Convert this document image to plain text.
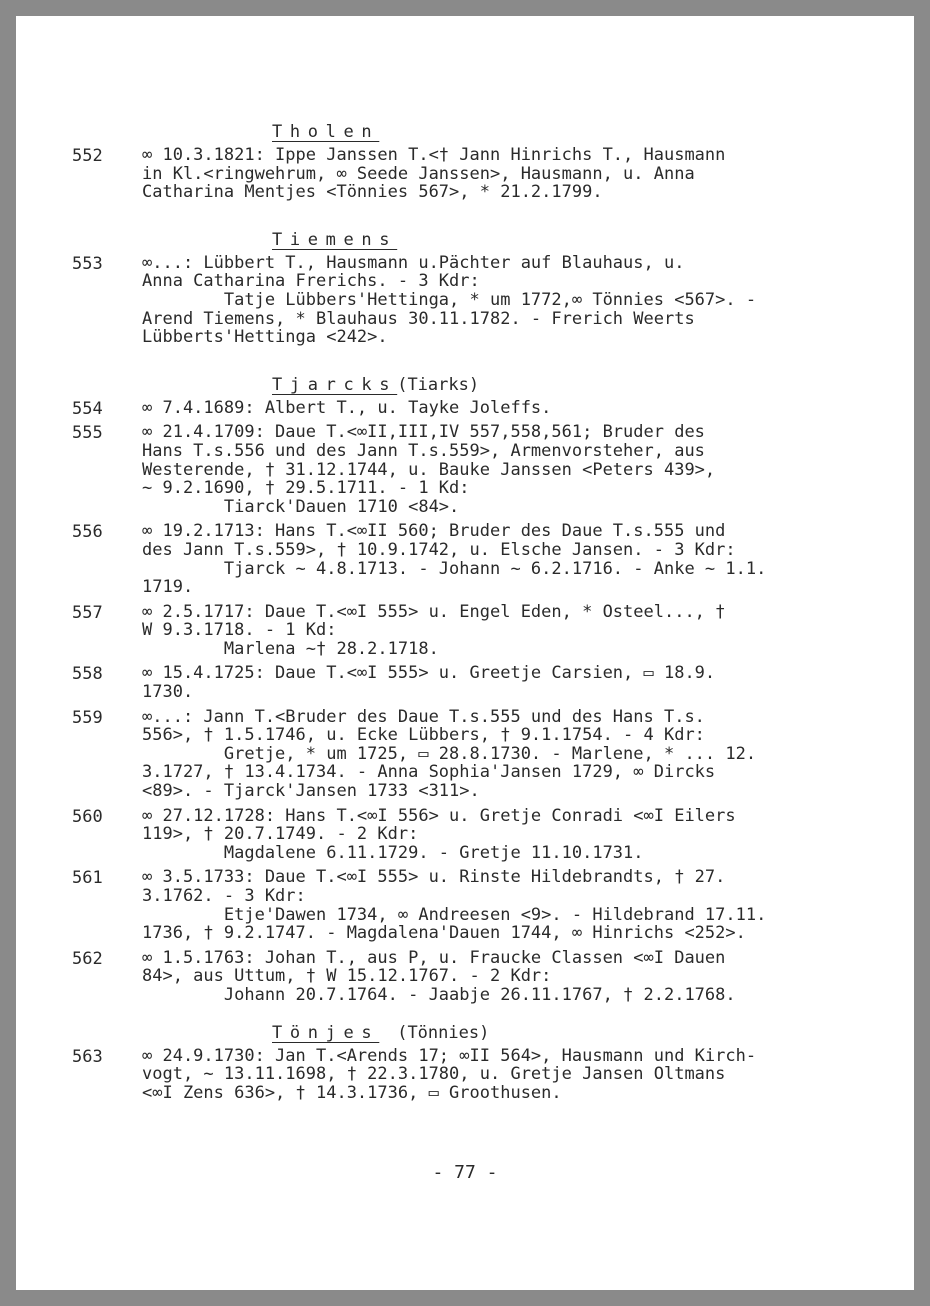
Tholen
552	∞ 10.3.1821: Ippe Janssen T.<† Jann Hinrichs T., Hausmann
in Kl.<ringwehrum, ∞ Seede Janssen>, Hausmann, u. Anna
Catharina Mentjes <Tönnies 567>, * 21.2.1799.
Tiemens
553	∞...: Lübbert T., Hausmann u.Pächter auf Blauhaus, u.
Anna Catharina Frerichs. - 3 Kdr:
Tatje Lübbers'Hettinga, * um 1772,∞ Tönnies <567>. -
Arend Tiemens, * Blauhaus 30.11.1782. - Frerich Weerts
Lübberts'Hettinga <242>.
Tjarcks(Tiarks)
554	∞ 7.4.1689: Albert T., u. Tayke Joleffs.
555	∞ 21.4.1709: Daue T.<∞II,III,IV 557,558,561; Bruder des
Hans T.s.556 und des Jann T.s.559>, Armenvorsteher, aus
Westerende, † 31.12.1744, u. Bauke Janssen <Peters 439>,
~ 9.2.1690, † 29.5.1711. - 1 Kd:
Tiarck'Dauen 1710 <84>.
556	∞ 19.2.1713: Hans T.<∞II 560; Bruder des Daue T.s.555 und
des Jann T.s.559>, † 10.9.1742, u. Elsche Jansen. - 3 Kdr:
Tjarck ~ 4.8.1713. - Johann ~ 6.2.1716. - Anke ~ 1.1.
1719.
557	∞ 2.5.1717: Daue T.<∞I 555> u. Engel Eden, * Osteel..., †
W 9.3.1718. - 1 Kd:
Marlena ~† 28.2.1718.
558	∞ 15.4.1725: Daue T.<∞I 555> u. Greetje Carsien, ▭ 18.9.
1730.
559	∞...: Jann T.<Bruder des Daue T.s.555 und des Hans T.s.
556>, † 1.5.1746, u. Ecke Lübbers, † 9.1.1754. - 4 Kdr:
Gretje, * um 1725, ▭ 28.8.1730. - Marlene, * ... 12.
3.1727, † 13.4.1734. - Anna Sophia'Jansen 1729, ∞ Dircks
<89>. - Tjarck'Jansen 1733 <311>.
560	∞ 27.12.1728: Hans T.<∞I 556> u. Gretje Conradi <∞I Eilers
119>, † 20.7.1749. - 2 Kdr:
Magdalene 6.11.1729. - Gretje 11.10.1731.
561	∞ 3.5.1733: Daue T.<∞I 555> u. Rinste Hildebrandts, † 27.
3.1762. - 3 Kdr:
Etje'Dawen 1734, ∞ Andreesen <9>. - Hildebrand 17.11.
1736, † 9.2.1747. - Magdalena'Dauen 1744, ∞ Hinrichs <252>.
562	∞ 1.5.1763: Johan T., aus P, u. Fraucke Classen <∞I Dauen
84>, aus Uttum, † W 15.12.1767. - 2 Kdr:
Johann 20.7.1764. - Jaabje 26.11.1767, † 2.2.1768.
Tönjes (Tönnies)
563	∞ 24.9.1730: Jan T.<Arends 17; ∞II 564>, Hausmann und Kirch-
vogt, ~ 13.11.1698, † 22.3.1780, u. Gretje Jansen Oltmans
<∞I Zens 636>, † 14.3.1736, ▭ Groothusen.
- 77 -
